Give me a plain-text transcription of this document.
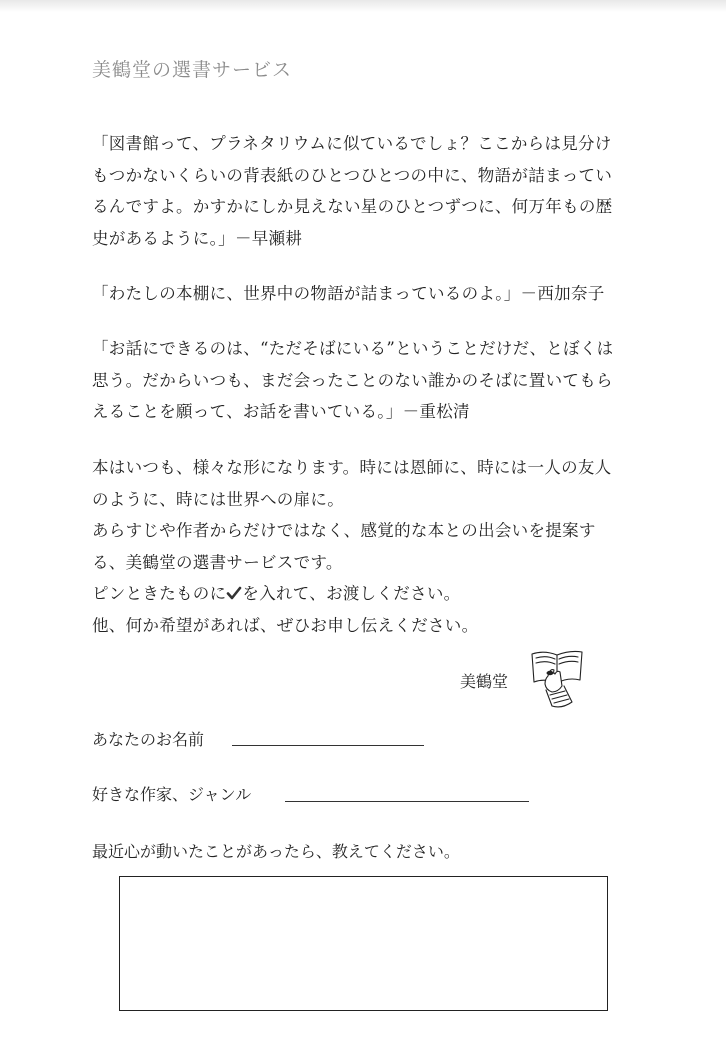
美鶴堂の選書サービス
「図書館って、プラネタリウムに似ているでしょ？ここからは見分け
もつかないくらいの背表紙のひとつひとつの中に、物語が詰まってい
るんですよ。かすかにしか見えない星のひとつずつに、何万年もの歴
史があるように。」－早瀬耕
「わたしの本棚に、世界中の物語が詰まっているのよ。」－西加奈子
「お話にできるのは、“ただそばにいる”ということだけだ、とぼくは
思う。だからいつも、まだ会ったことのない誰かのそばに置いてもら
えることを願って、お話を書いている。」－重松清
本はいつも、様々な形になります。時には恩師に、時には一人の友人
のように、時には世界への扉に。
あらすじや作者からだけではなく、感覚的な本との出会いを提案す
る、美鶴堂の選書サービスです。
ピンときたものに を入れて、お渡しください。
他、何か希望があれば、ぜひお申し伝えください。
美鶴堂
あなたのお名前
好きな作家、ジャンル
最近心が動いたことがあったら、教えてください。
